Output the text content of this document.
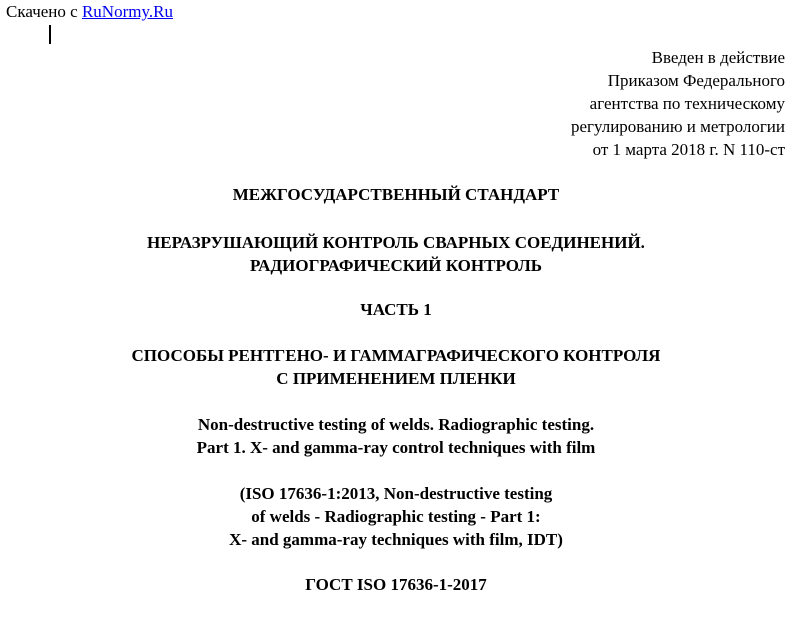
Скачено с RuNormy.Ru
Введен в действие
Приказом Федерального
агентства по техническому
регулированию и метрологии
от 1 марта 2018 г. N 110-ст
МЕЖГОСУДАРСТВЕННЫЙ СТАНДАРТ
НЕРАЗРУШАЮЩИЙ КОНТРОЛЬ СВАРНЫХ СОЕДИНЕНИЙ.
РАДИОГРАФИЧЕСКИЙ КОНТРОЛЬ
ЧАСТЬ 1
СПОСОБЫ РЕНТГЕНО- И ГАММАГРАФИЧЕСКОГО КОНТРОЛЯ
С ПРИМЕНЕНИЕМ ПЛЕНКИ
Non-destructive testing of welds. Radiographic testing.
Part 1. X- and gamma-ray control techniques with film
(ISO 17636-1:2013, Non-destructive testing
of welds - Radiographic testing - Part 1:
X- and gamma-ray techniques with film, IDT)
ГОСТ ISO 17636-1-2017
